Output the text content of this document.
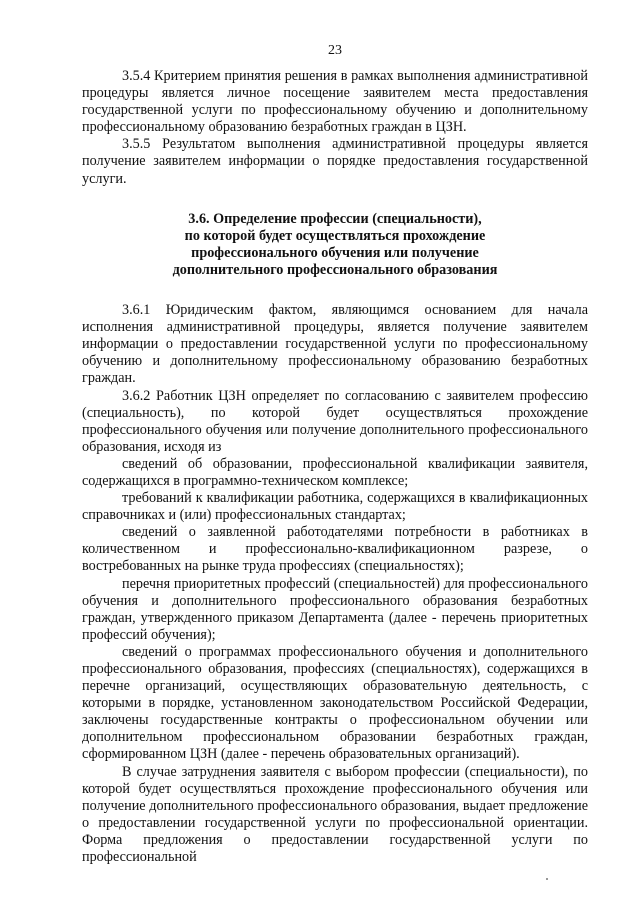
23

3.5.4 Критерием принятия решения в рамках выполнения административной процедуры является личное посещение заявителем места предоставления государственной услуги по профессиональному обучению и дополнительному профессиональному образованию безработных граждан в ЦЗН.

3.5.5 Результатом выполнения административной процедуры является получение заявителем информации о порядке предоставления государственной услуги.

3.6. Определение профессии (специальности),
по которой будет осуществляться прохождение
профессионального обучения или получение
дополнительного профессионального образования

3.6.1 Юридическим фактом, являющимся основанием для начала исполнения административной процедуры, является получение заявителем информации о предоставлении государственной услуги по профессиональному обучению и дополнительному профессиональному образованию безработных граждан.

3.6.2 Работник ЦЗН определяет по согласованию с заявителем профессию (специальность), по которой будет осуществляться прохождение профессионального обучения или получение дополнительного профессионального образования, исходя из

сведений об образовании, профессиональной квалификации заявителя, содержащихся в программно-техническом комплексе;

требований к квалификации работника, содержащихся в квалификационных справочниках и (или) профессиональных стандартах;

сведений о заявленной работодателями потребности в работниках в количественном и профессионально-квалификационном разрезе, о востребованных на рынке труда профессиях (специальностях);

перечня приоритетных профессий (специальностей) для профессионального обучения и дополнительного профессионального образования безработных граждан, утвержденного приказом Департамента (далее - перечень приоритетных профессий обучения);

сведений о программах профессионального обучения и дополнительного профессионального образования, профессиях (специальностях), содержащихся в перечне организаций, осуществляющих образовательную деятельность, с которыми в порядке, установленном законодательством Российской Федерации, заключены государственные контракты о профессиональном обучении или дополнительном профессиональном образовании безработных граждан, сформированном ЦЗН (далее - перечень образовательных организаций).

В случае затруднения заявителя с выбором профессии (специальности), по которой будет осуществляться прохождение профессионального обучения или получение дополнительного профессионального образования, выдает предложение о предоставлении государственной услуги по профессиональной ориентации. Форма предложения о предоставлении государственной услуги по профессиональной
